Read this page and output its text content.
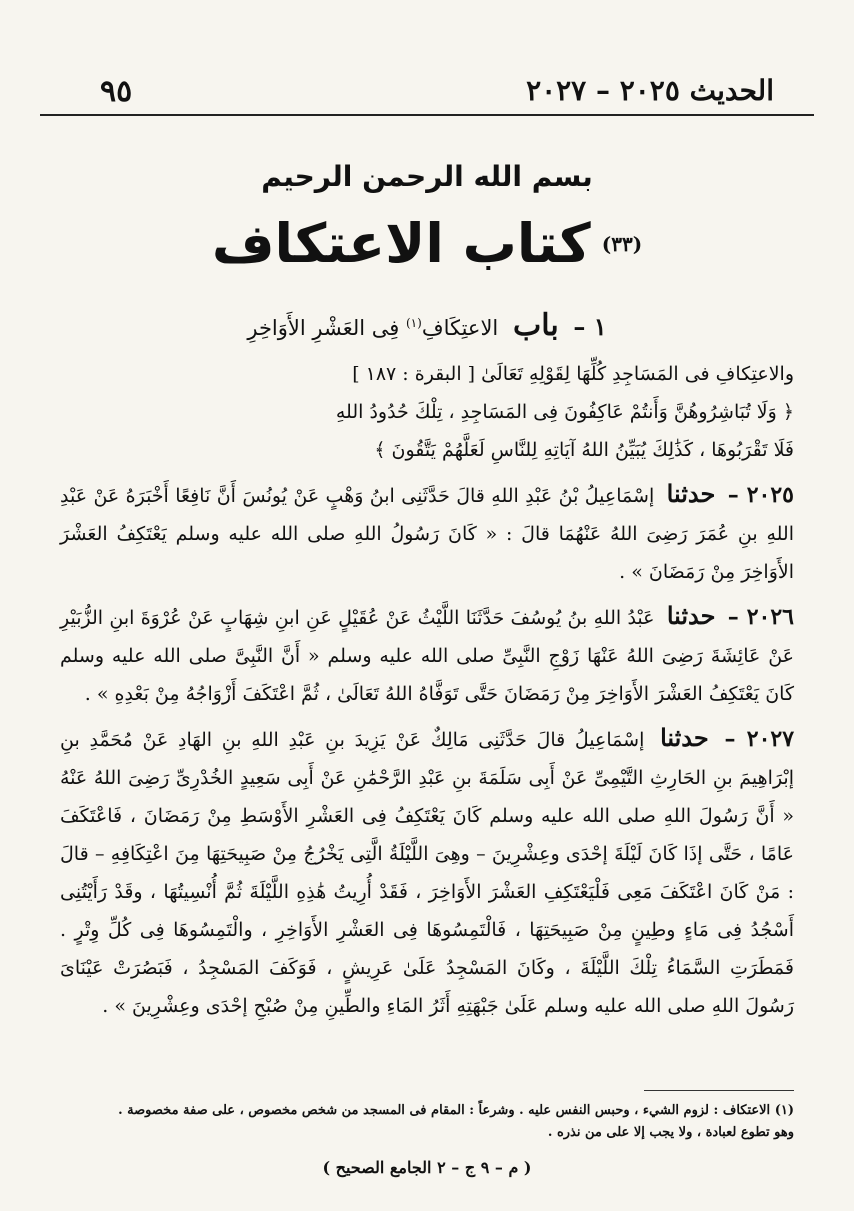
٩٥	الحديث ٢٠٢٥ – ٢٠٢٧
بسم الله الرحمن الرحيم
(٣٣) كتاب الاعتكاف
١ – باب الاعتِكَافِ$^{(١)}$ فِى العَشْرِ الأَوَاخِرِ

والاعتِكافِ فى المَسَاجِدِ كُلِّهَا لِقَوْلِهِ تَعَالَىٰ [ البقرة : ١٨٧ ]

﴿ وَلَا تُبَاشِرُوهُنَّ وَأَنتُمْ عَاكِفُونَ فِى المَسَاجِدِ ، تِلْكَ حُدُودُ اللهِ

فَلَا تَقْرَبُوهَا ، كَذَٰلِكَ يُبَيِّنُ اللهُ آيَاتِهِ لِلنَّاسِ لَعَلَّهُمْ يَتَّقُونَ ﴾

٢٠٢٥ – حدثنا إسْمَاعِيلُ بْنُ عَبْدِ اللهِ قالَ حَدَّثَنِى ابنُ وَهْبٍ عَنْ يُونُسَ أَنَّ نَافِعًا أَخْبَرَهُ عَنْ عَبْدِ اللهِ بنِ عُمَرَ رَضِىَ اللهُ عَنْهُمَا قالَ : « كَانَ رَسُولُ اللهِ صلى الله عليه وسلم يَعْتَكِفُ العَشْرَ الأَوَاخِرَ مِنْ رَمَضَانَ » .

٢٠٢٦ – حدثنا عَبْدُ اللهِ بنُ يُوسُفَ حَدَّثَنَا اللَّيْثُ عَنْ عُقَيْلٍ عَنِ ابنِ شِهَابٍ عَنْ عُرْوَةَ ابنِ الزُّبَيْرِ عَنْ عَائِشَةَ رَضِىَ اللهُ عَنْهَا زَوْجِ النَّبِىِّ صلى الله عليه وسلم « أَنَّ النَّبِىَّ صلى الله عليه وسلم كَانَ يَعْتَكِفُ العَشْرَ الأَوَاخِرَ مِنْ رَمَضَانَ حَتَّى تَوَفَّاهُ اللهُ تَعَالَىٰ ، ثُمَّ اعْتَكَفَ أَزْوَاجُهُ مِنْ بَعْدِهِ » .

٢٠٢٧ – حدثنا إسْمَاعِيلُ قالَ حَدَّثَنِى مَالِكٌ عَنْ يَزِيدَ بنِ عَبْدِ اللهِ بنِ الهَادِ عَنْ مُحَمَّدِ بنِ إبْرَاهِيمَ بنِ الحَارِثِ التَّيْمِىِّ عَنْ أَبِى سَلَمَةَ بنِ عَبْدِ الرَّحْمَٰنِ عَنْ أَبِى سَعِيدٍ الخُدْرِىِّ رَضِىَ اللهُ عَنْهُ « أَنَّ رَسُولَ اللهِ صلى الله عليه وسلم كَانَ يَعْتَكِفُ فِى العَشْرِ الأَوْسَطِ مِنْ رَمَضَانَ ، فَاعْتَكَفَ عَامًا ، حَتَّى إذَا كَانَ لَيْلَةَ إحْدَى وعِشْرِينَ – وهِىَ اللَّيْلَةُ الَّتِى يَخْرُجُ مِنْ صَبِيحَتِهَا مِنَ اعْتِكَافِهِ – قالَ : مَنْ كَانَ اعْتَكَفَ مَعِى فَلْيَعْتَكِفِ العَشْرَ الأَوَاخِرَ ، فَقَدْ أُرِيتُ هَٰذِهِ اللَّيْلَةَ ثُمَّ أُنْسِيتُهَا ، وقَدْ رَأَيْتُنِى أَسْجُدُ فِى مَاءٍ وطِينٍ مِنْ صَبِيحَتِهَا ، فَالْتَمِسُوهَا فِى العَشْرِ الأَوَاخِرِ ، والْتَمِسُوهَا فِى كُلِّ وِتْرٍ . فَمَطَرَتِ السَّمَاءُ تِلْكَ اللَّيْلَةَ ، وكَانَ المَسْجِدُ عَلَىٰ عَرِيشٍ ، فَوَكَفَ المَسْجِدُ ، فَبَصُرَتْ عَيْنَاىَ رَسُولَ اللهِ صلى الله عليه وسلم عَلَىٰ جَبْهَتِهِ أَثَرُ المَاءِ والطِّينِ مِنْ صُبْحِ إحْدَى وعِشْرِينَ » .

(١) الاعتكاف : لزوم الشيء ، وحبس النفس عليه . وشرعاً : المقام فى المسجد من شخص مخصوص ، على صفة مخصوصة .

وهو تطوع لعبادة ، ولا يجب إلا على من نذره .

( م – ٩ ج – ٢ الجامع الصحيح )
